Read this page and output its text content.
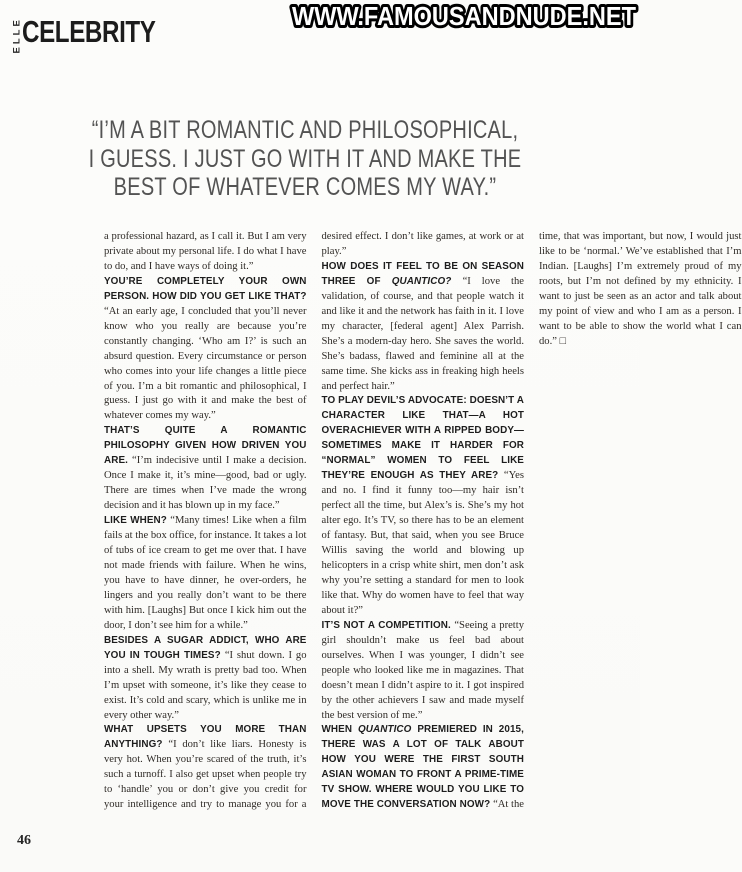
ELLE CELEBRITY	WWW.FAMOUSANDNUDE.NET
“I’M A BIT ROMANTIC AND PHILOSOPHICAL,
I GUESS. I JUST GO WITH IT AND MAKE THE
BEST OF WHATEVER COMES MY WAY.”

a professional hazard, as I call it. But I am very private about my personal life. I do what I have to do, and I have ways of doing it.”

YOU’RE COMPLETELY YOUR OWN PERSON. HOW DID YOU GET LIKE THAT? “At an early age, I concluded that you’ll never know who you really are because you’re constantly changing. ‘Who am I?’ is such an absurd question. Every circumstance or person who comes into your life changes a little piece of you. I’m a bit romantic and philosophical, I guess. I just go with it and make the best of whatever comes my way.”

THAT’S QUITE A ROMANTIC PHILOSOPHY GIVEN HOW DRIVEN YOU ARE. “I’m indecisive until I make a decision. Once I make it, it’s mine—good, bad or ugly. There are times when I’ve made the wrong decision and it has blown up in my face.”

LIKE WHEN? “Many times! Like when a film fails at the box office, for instance. It takes a lot of tubs of ice cream to get me over that. I have not made friends with failure. When he wins, you have to have dinner, he over-orders, he lingers and you really don’t want to be there with him. [Laughs] But once I kick him out the door, I don’t see him for a while.”

BESIDES A SUGAR ADDICT, WHO ARE YOU IN TOUGH TIMES? “I shut down. I go into a shell. My wrath is pretty bad too. When I’m upset with someone, it’s like they cease to exist. It’s cold and scary, which is unlike me in every other way.”

WHAT UPSETS YOU MORE THAN ANYTHING? “I don’t like liars. Honesty is very hot. When you’re scared of the truth, it’s such a turnoff. I also get upset when people try to ‘handle’ you or don’t give you credit for your intelligence and try to manage you for a desired effect. I don’t like games, at work or at play.”

HOW DOES IT FEEL TO BE ON SEASON THREE OF QUANTICO? “I love the validation, of course, and that people watch it and like it and the network has faith in it. I love my character, [federal agent] Alex Parrish. She’s a modern-day hero. She saves the world. She’s badass, flawed and feminine all at the same time. She kicks ass in freaking high heels and perfect hair.”

TO PLAY DEVIL’S ADVOCATE: DOESN’T A CHARACTER LIKE THAT—A HOT OVERACHIEVER WITH A RIPPED BODY—SOMETIMES MAKE IT HARDER FOR “NORMAL” WOMEN TO FEEL LIKE THEY’RE ENOUGH AS THEY ARE? “Yes and no. I find it funny too—my hair isn’t perfect all the time, but Alex’s is. She’s my hot alter ego. It’s TV, so there has to be an element of fantasy. But, that said, when you see Bruce Willis saving the world and blowing up helicopters in a crisp white shirt, men don’t ask why you’re setting a standard for men to look like that. Why do women have to feel that way about it?”

IT’S NOT A COMPETITION. “Seeing a pretty girl shouldn’t make us feel bad about ourselves. When I was younger, I didn’t see people who looked like me in magazines. That doesn’t mean I didn’t aspire to it. I got inspired by the other achievers I saw and made myself the best version of me.”

WHEN QUANTICO PREMIERED IN 2015, THERE WAS A LOT OF TALK ABOUT HOW YOU WERE THE FIRST SOUTH ASIAN WOMAN TO FRONT A PRIME-TIME TV SHOW. WHERE WOULD YOU LIKE TO MOVE THE CONVERSATION NOW? “At the time, that was important, but now, I would just like to be ‘normal.’ We’ve established that I’m Indian. [Laughs] I’m extremely proud of my roots, but I’m not defined by my ethnicity. I want to just be seen as an actor and talk about my point of view and who I am as a person. I want to be able to show the world what I can do.” □

46
